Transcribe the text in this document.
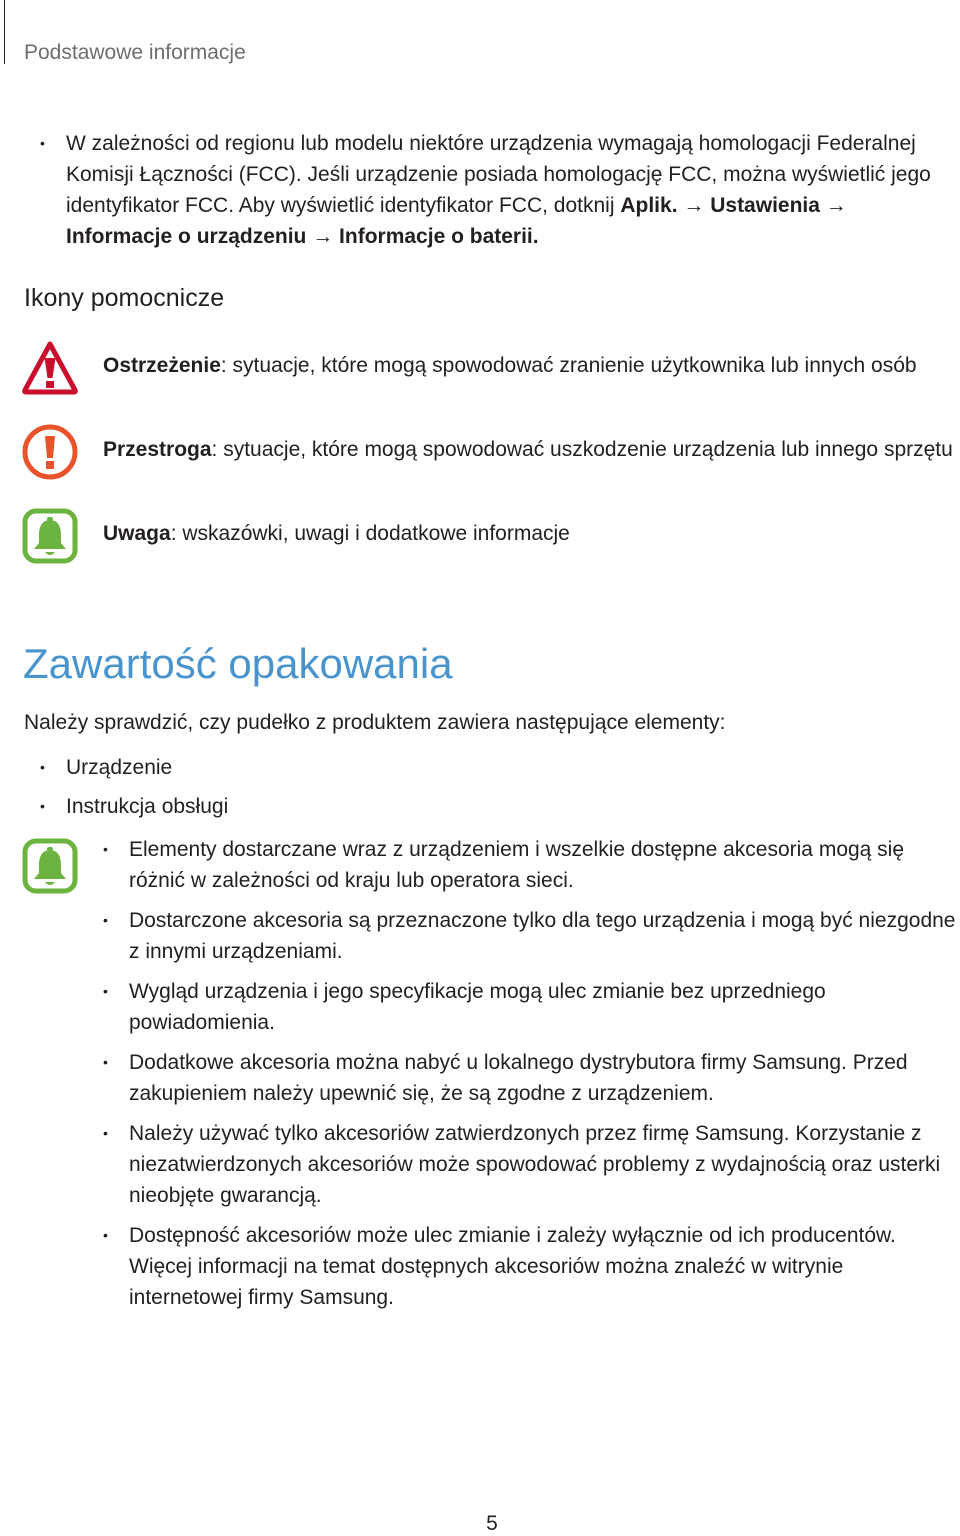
Podstawowe informacje
• W zależności od regionu lub modelu niektóre urządzenia wymagają homologacji Federalnej Komisji Łączności (FCC). Jeśli urządzenie posiada homologację FCC, można wyświetlić jego identyfikator FCC. Aby wyświetlić identyfikator FCC, dotknij Aplik. → Ustawienia → Informacje o urządzeniu → Informacje o baterii.
Ikony pomocnicze
Ostrzeżenie: sytuacje, które mogą spowodować zranienie użytkownika lub innych osób
Przestroga: sytuacje, które mogą spowodować uszkodzenie urządzenia lub innego sprzętu
Uwaga: wskazówki, uwagi i dodatkowe informacje
Zawartość opakowania
Należy sprawdzić, czy pudełko z produktem zawiera następujące elementy:
• Urządzenie
• Instrukcja obsługi
• Elementy dostarczane wraz z urządzeniem i wszelkie dostępne akcesoria mogą się różnić w zależności od kraju lub operatora sieci.
• Dostarczone akcesoria są przeznaczone tylko dla tego urządzenia i mogą być niezgodne z innymi urządzeniami.
• Wygląd urządzenia i jego specyfikacje mogą ulec zmianie bez uprzedniego powiadomienia.
• Dodatkowe akcesoria można nabyć u lokalnego dystrybutora firmy Samsung. Przed zakupieniem należy upewnić się, że są zgodne z urządzeniem.
• Należy używać tylko akcesoriów zatwierdzonych przez firmę Samsung. Korzystanie z niezatwierdzonych akcesoriów może spowodować problemy z wydajnością oraz usterki nieobjęte gwarancją.
• Dostępność akcesoriów może ulec zmianie i zależy wyłącznie od ich producentów. Więcej informacji na temat dostępnych akcesoriów można znaleźć w witrynie internetowej firmy Samsung.
5
